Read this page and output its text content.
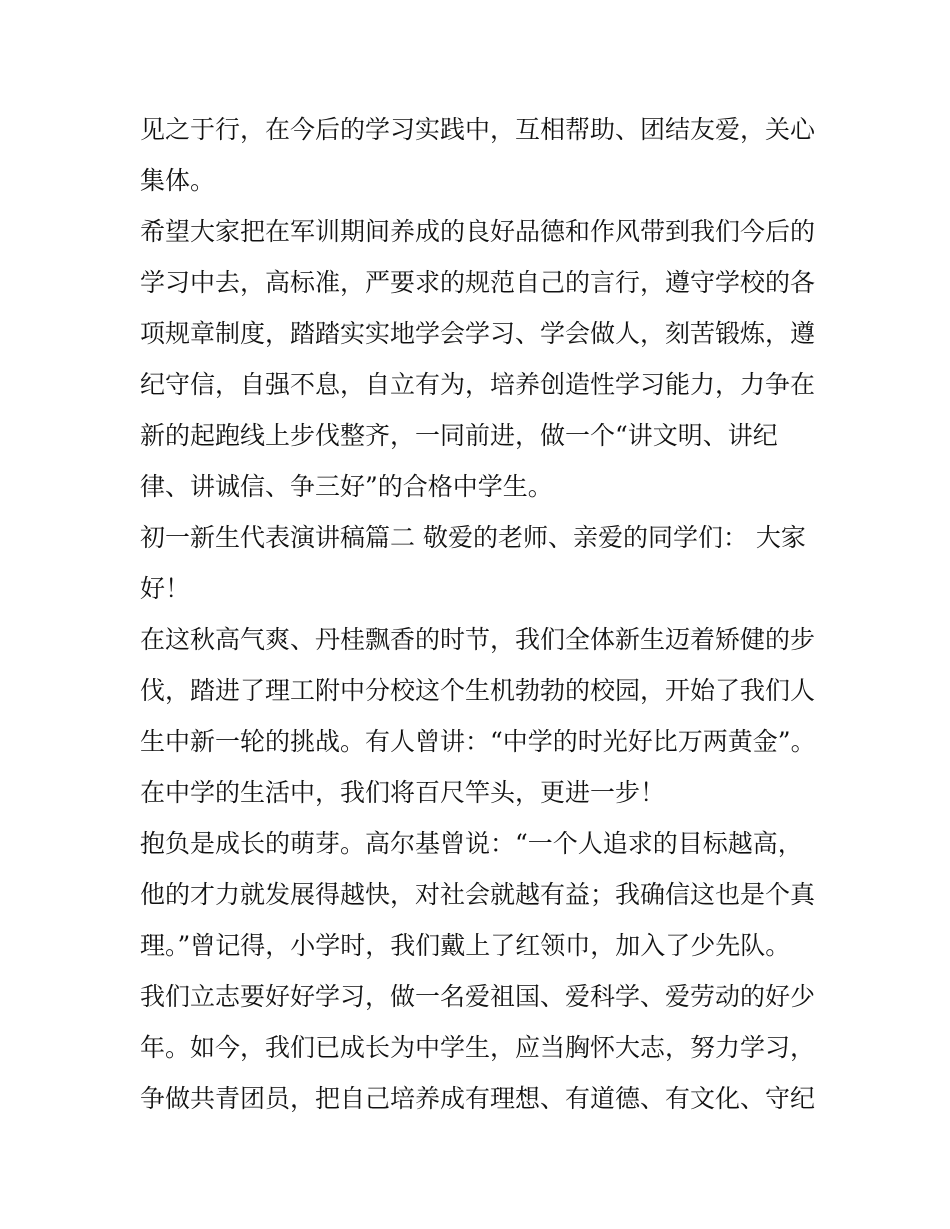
见之于行，在今后的学习实践中，互相帮助、团结友爱，关心
集体。
希望大家把在军训期间养成的良好品德和作风带到我们今后的
学习中去，高标准，严要求的规范自己的言行，遵守学校的各
项规章制度，踏踏实实地学会学习、学会做人，刻苦锻炼，遵
纪守信，自强不息，自立有为，培养创造性学习能力，力争在
新的起跑线上步伐整齐，一同前进，做一个“讲文明、讲纪
律、讲诚信、争三好”的合格中学生。
初一新生代表演讲稿篇二 敬爱的老师、亲爱的同学们： 大家
好！
在这秋高气爽、丹桂飘香的时节，我们全体新生迈着矫健的步
伐，踏进了理工附中分校这个生机勃勃的校园，开始了我们人
生中新一轮的挑战。有人曾讲：“中学的时光好比万两黄金”。
在中学的生活中，我们将百尺竿头，更进一步！
抱负是成长的萌芽。高尔基曾说：“一个人追求的目标越高，
他的才力就发展得越快，对社会就越有益；我确信这也是个真
理。”曾记得，小学时，我们戴上了红领巾，加入了少先队。
我们立志要好好学习，做一名爱祖国、爱科学、爱劳动的好少
年。如今，我们已成长为中学生，应当胸怀大志，努力学习，
争做共青团员，把自己培养成有理想、有道德、有文化、守纪
